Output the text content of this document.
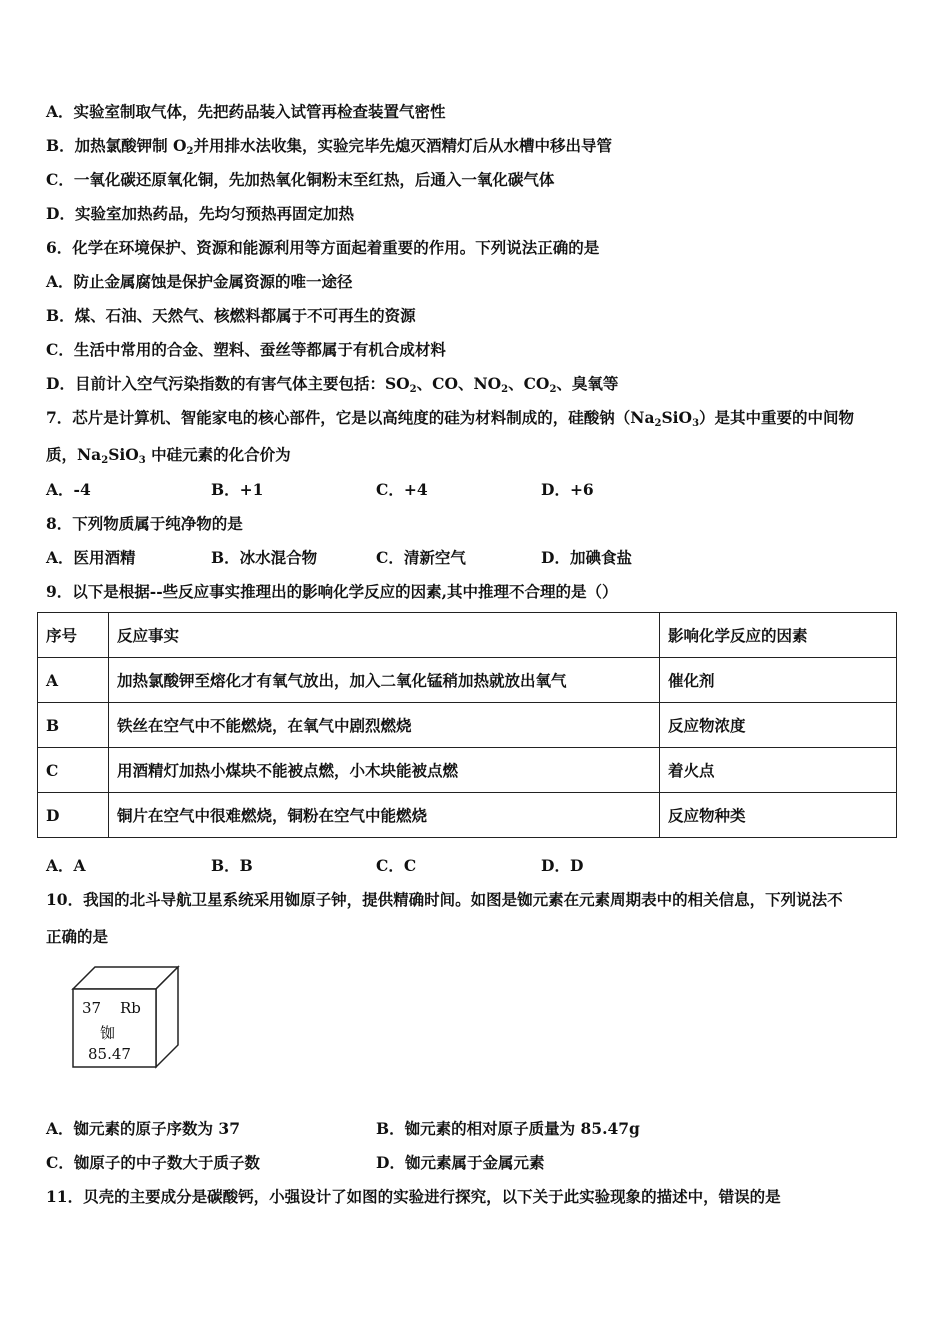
A．实验室制取气体，先把药品装入试管再检查装置气密性
B．加热氯酸钾制 $O_2$并用排水法收集，实验完毕先熄灭酒精灯后从水槽中移出导管
C．一氧化碳还原氧化铜，先加热氧化铜粉末至红热，后通入一氧化碳气体
D．实验室加热药品，先均匀预热再固定加热
6．化学在环境保护、资源和能源利用等方面起着重要的作用。下列说法正确的是
A．防止金属腐蚀是保护金属资源的唯一途径
B．煤、石油、天然气、核燃料都属于不可再生的资源
C．生活中常用的合金、塑料、蚕丝等都属于有机合成材料
D．目前计入空气污染指数的有害气体主要包括：$SO_2$、CO、$NO_2$、$CO_2$、臭氧等
7．芯片是计算机、智能家电的核心部件，它是以高纯度的硅为材料制成的，硅酸钠$(Na_2SiO_3)$是其中重要的中间物
质，$Na_2SiO_3$ 中硅元素的化合价为
A．-4	B．+1	C．+4	D．+6
8．下列物质属于纯净物的是
A．医用酒精	B．冰水混合物	C．清新空气	D．加碘食盐
9．以下是根据--些反应事实推理出的影响化学反应的因素,其中推理不合理的是（）
序号	反应事实	影响化学反应的因素
A	加热氯酸钾至熔化才有氧气放出，加入二氧化锰稍加热就放出氧气	催化剂
B	铁丝在空气中不能燃烧，在氧气中剧烈燃烧	反应物浓度
C	用酒精灯加热小煤块不能被点燃，小木块能被点燃	着火点
D	铜片在空气中很难燃烧，铜粉在空气中能燃烧	反应物种类
A．A	B．B	C．C	D．D
10．我国的北斗导航卫星系统采用铷原子钟，提供精确时间。如图是铷元素在元素周期表中的相关信息，下列说法不
正确的是
37 Rb
铷
85.47
A．铷元素的原子序数为 37	B．铷元素的相对原子质量为 85.47g
C．铷原子的中子数大于质子数	D．铷元素属于金属元素
11．贝壳的主要成分是碳酸钙，小强设计了如图的实验进行探究，以下关于此实验现象的描述中，错误的是
